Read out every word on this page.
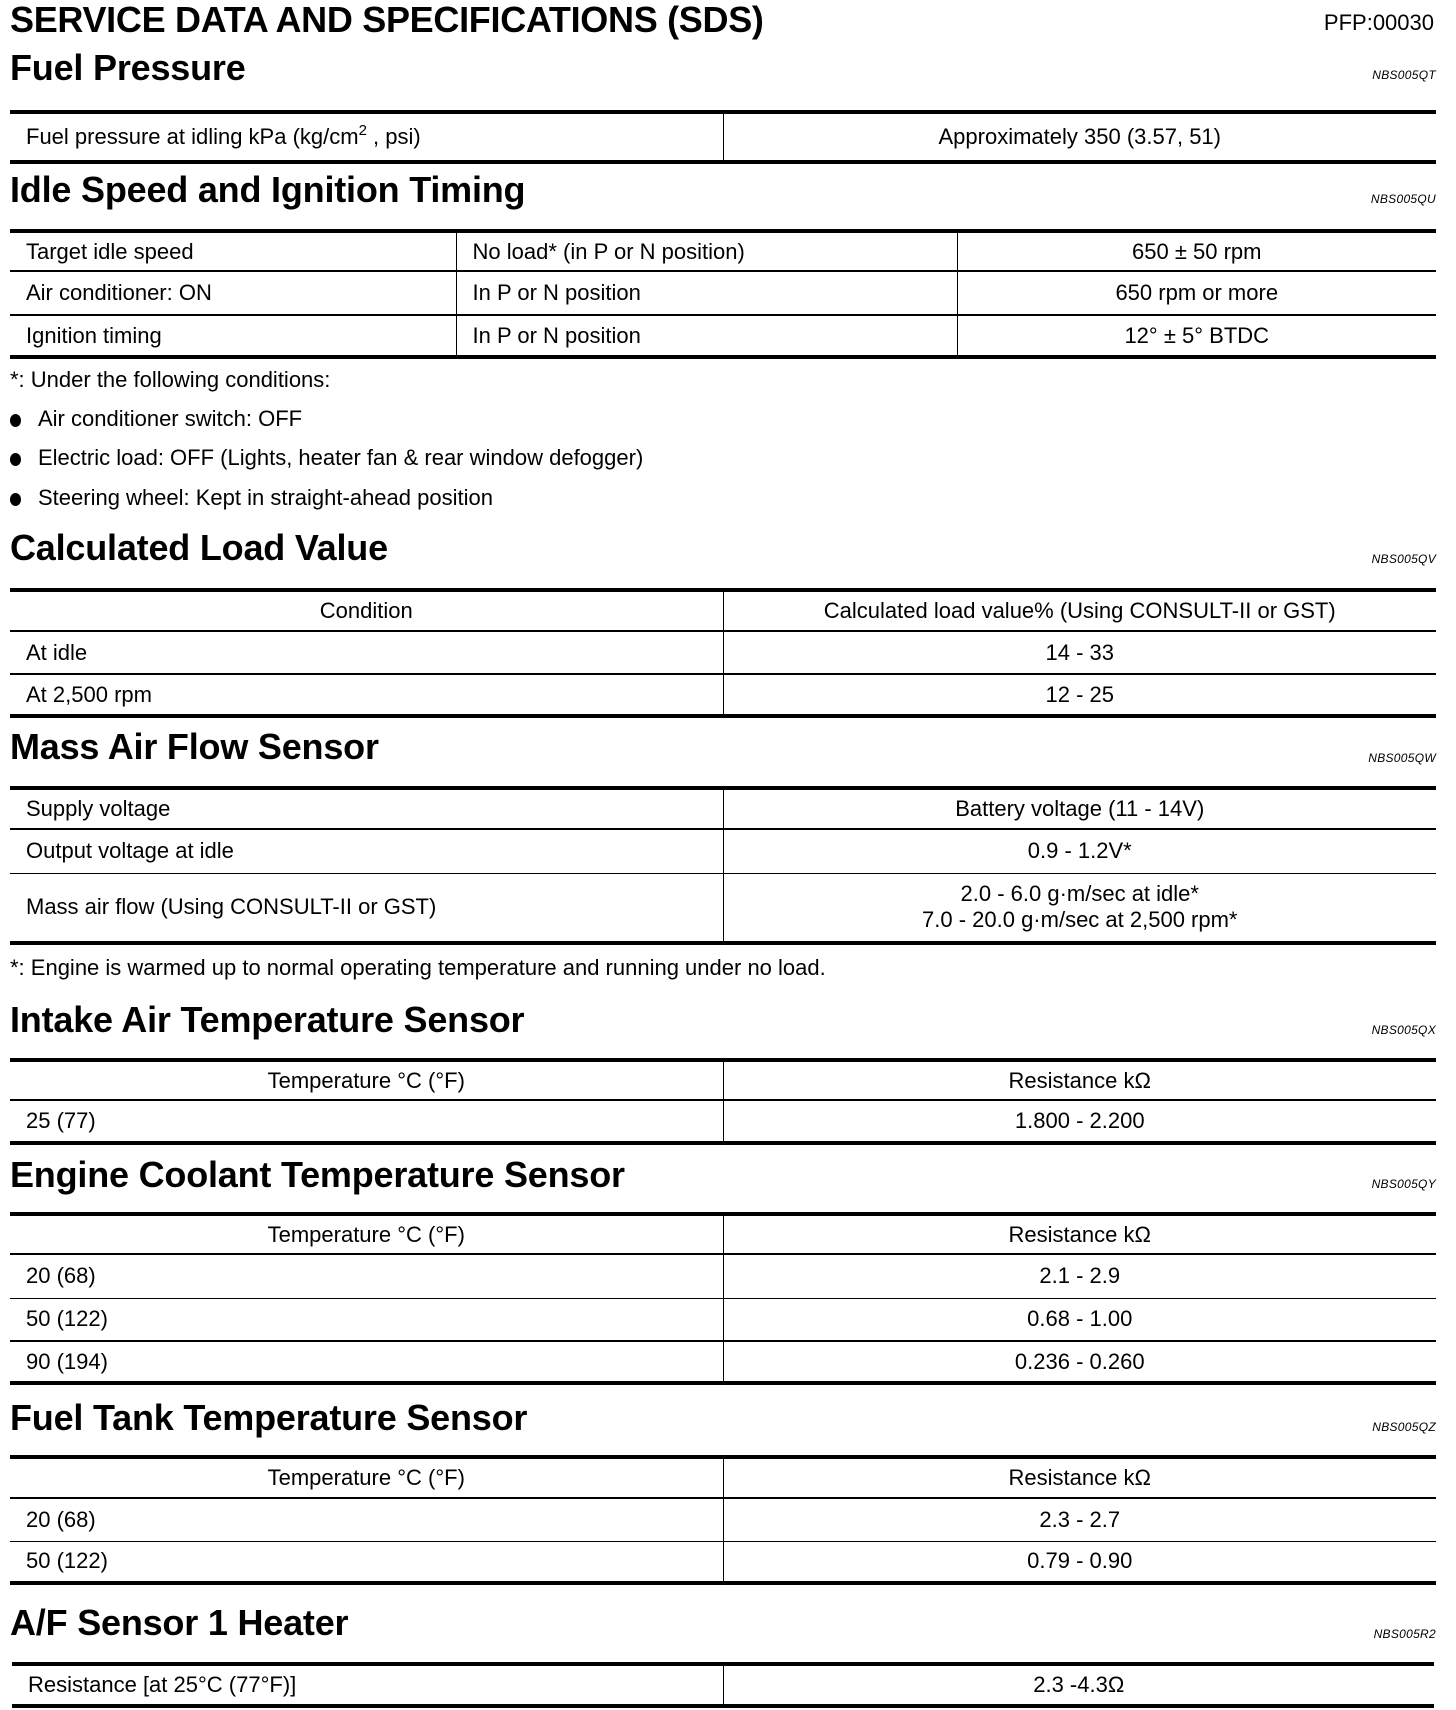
SERVICE DATA AND SPECIFICATIONS (SDS)	PFP:00030
Fuel Pressure	NBS005QT
Fuel pressure at idling kPa ($kg/cm^2$ , psi)	Approximately 350 (3.57, 51)
Idle Speed and Ignition Timing	NBS005QU
Target idle speed	No load* (in P or N position)	650 ± 50 rpm
Air conditioner: ON	In P or N position	650 rpm or more
Ignition timing	In P or N position	12° ± 5° BTDC
*: Under the following conditions:
Air conditioner switch: OFF
Electric load: OFF (Lights, heater fan & rear window defogger)
Steering wheel: Kept in straight-ahead position
Calculated Load Value	NBS005QV
Condition	Calculated load value% (Using CONSULT-II or GST)
At idle	14 - 33
At 2,500 rpm	12 - 25
Mass Air Flow Sensor	NBS005QW
Supply voltage	Battery voltage (11 - 14V)
Output voltage at idle	0.9 - 1.2V*
Mass air flow (Using CONSULT-II or GST)	2.0 - 6.0 g·m/sec at idle*
7.0 - 20.0 g·m/sec at 2,500 rpm*
*: Engine is warmed up to normal operating temperature and running under no load.
Intake Air Temperature Sensor	NBS005QX
Temperature °C (°F)	Resistance kΩ
25 (77)	1.800 - 2.200
Engine Coolant Temperature Sensor	NBS005QY
Temperature °C (°F)	Resistance kΩ
20 (68)	2.1 - 2.9
50 (122)	0.68 - 1.00
90 (194)	0.236 - 0.260
Fuel Tank Temperature Sensor	NBS005QZ
Temperature °C (°F)	Resistance kΩ
20 (68)	2.3 - 2.7
50 (122)	0.79 - 0.90
A/F Sensor 1 Heater	NBS005R2
Resistance [at 25°C (77°F)]	2.3 -4.3Ω
